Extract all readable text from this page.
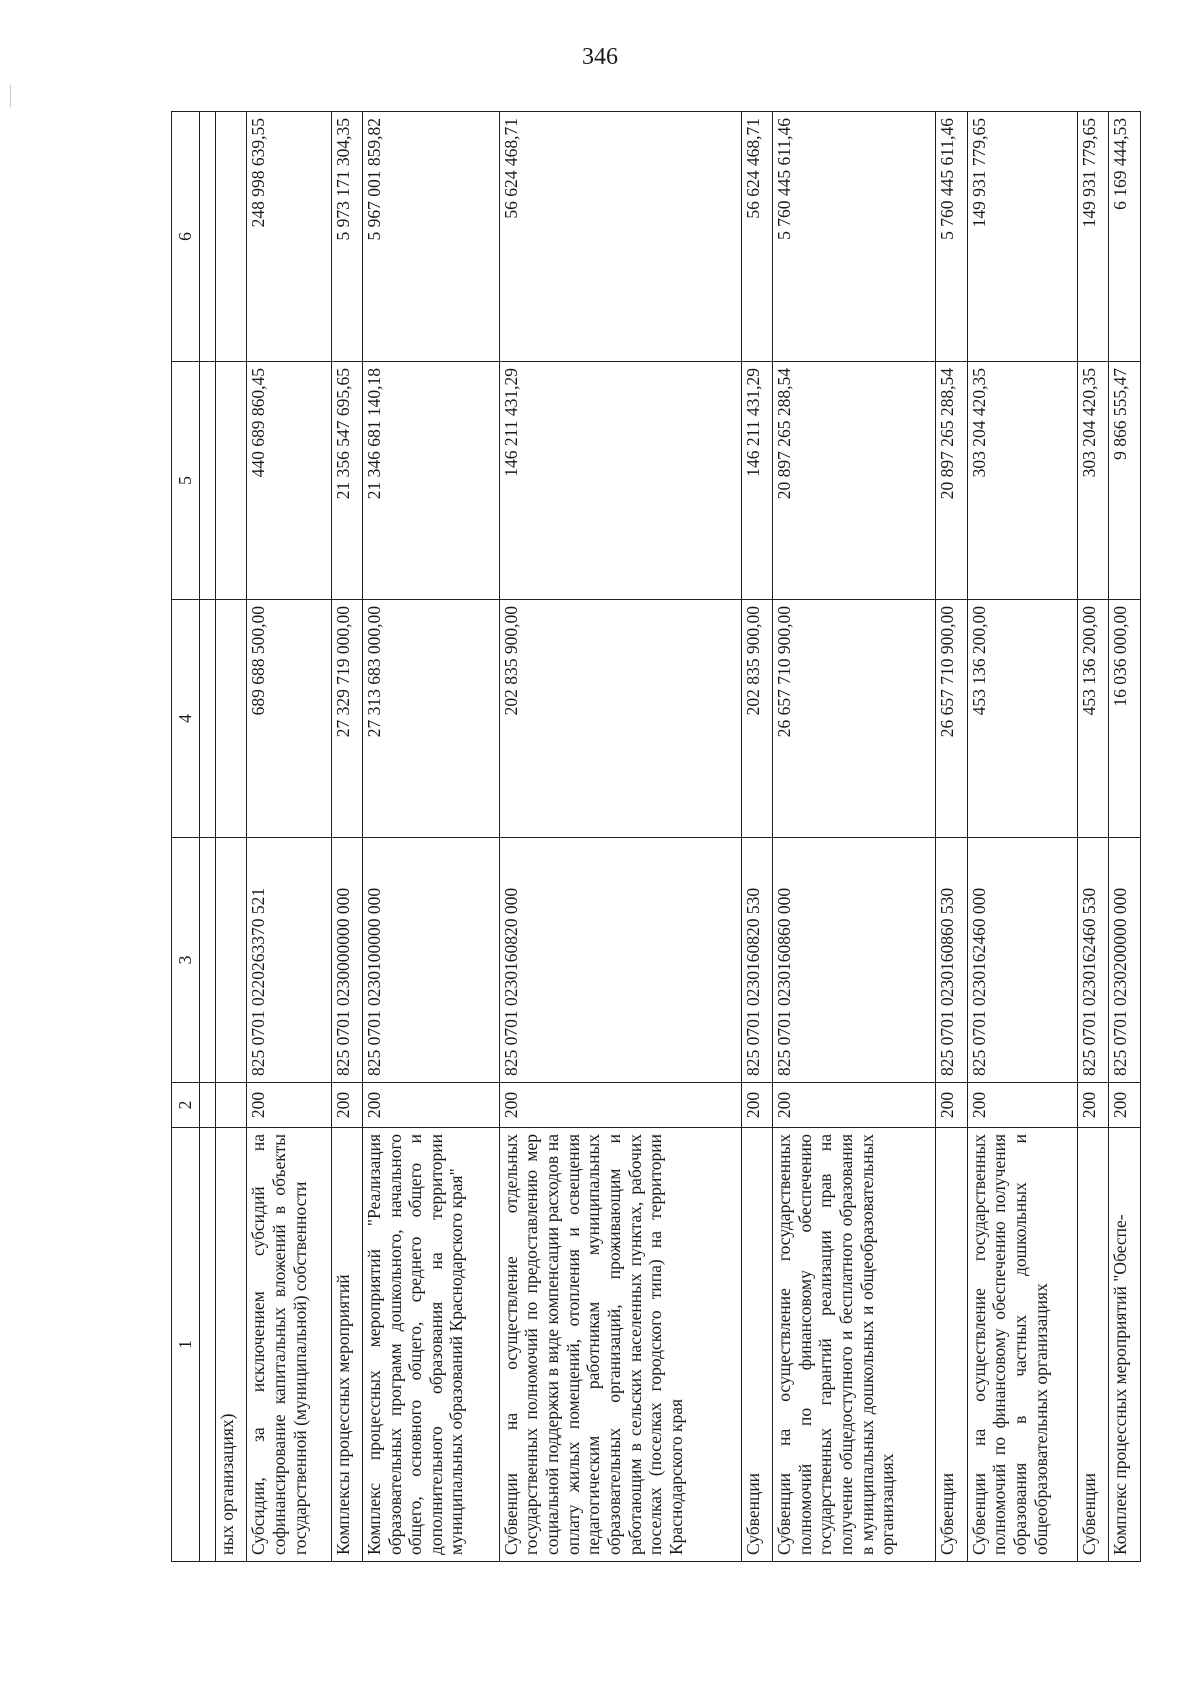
346
1	2	3	4	5	6

ных организациях)					
Субсидии, за исключением субсидий на софинансирование капитальных вложений в объекты государственной (муниципальной) собственности	200	825 0701 0220263370 521	689 688 500,00	440 689 860,45	248 998 639,55
Комплексы процессных мероприятий	200	825 0701 0230000000 000	27 329 719 000,00	21 356 547 695,65	5 973 171 304,35
Комплекс процессных мероприятий "Реализация образовательных программ дошкольного, начального общего, основного общего, среднего общего и дополнительного образования на территории муниципальных образований Краснодарского края"	200	825 0701 0230100000 000	27 313 683 000,00	21 346 681 140,18	5 967 001 859,82
Субвенции на осуществление отдельных государственных полномочий по предоставлению мер социальной поддержки в виде компенсации расходов на оплату жилых помещений, отопления и освещения педагогическим работникам муниципальных образовательных организаций, проживающим и работающим в сельских населенных пунктах, рабочих поселках (поселках городского типа) на территории Краснодарского края	200	825 0701 0230160820 000	202 835 900,00	146 211 431,29	56 624 468,71
Субвенции	200	825 0701 0230160820 530	202 835 900,00	146 211 431,29	56 624 468,71
Субвенции на осуществление государственных полномочий по финансовому обеспечению государственных гарантий реализации прав на получение общедоступного и бесплатного образования в муниципальных дошкольных и общеобразовательных организациях	200	825 0701 0230160860 000	26 657 710 900,00	20 897 265 288,54	5 760 445 611,46
Субвенции	200	825 0701 0230160860 530	26 657 710 900,00	20 897 265 288,54	5 760 445 611,46
Субвенции на осуществление государственных полномочий по финансовому обеспечению получения образования в частных дошкольных и общеобразовательных организациях	200	825 0701 0230162460 000	453 136 200,00	303 204 420,35	149 931 779,65
Субвенции	200	825 0701 0230162460 530	453 136 200,00	303 204 420,35	149 931 779,65
Комплекс процессных мероприятий "Обеспе-	200	825 0701 0230200000 000	16 036 000,00	9 866 555,47	6 169 444,53
